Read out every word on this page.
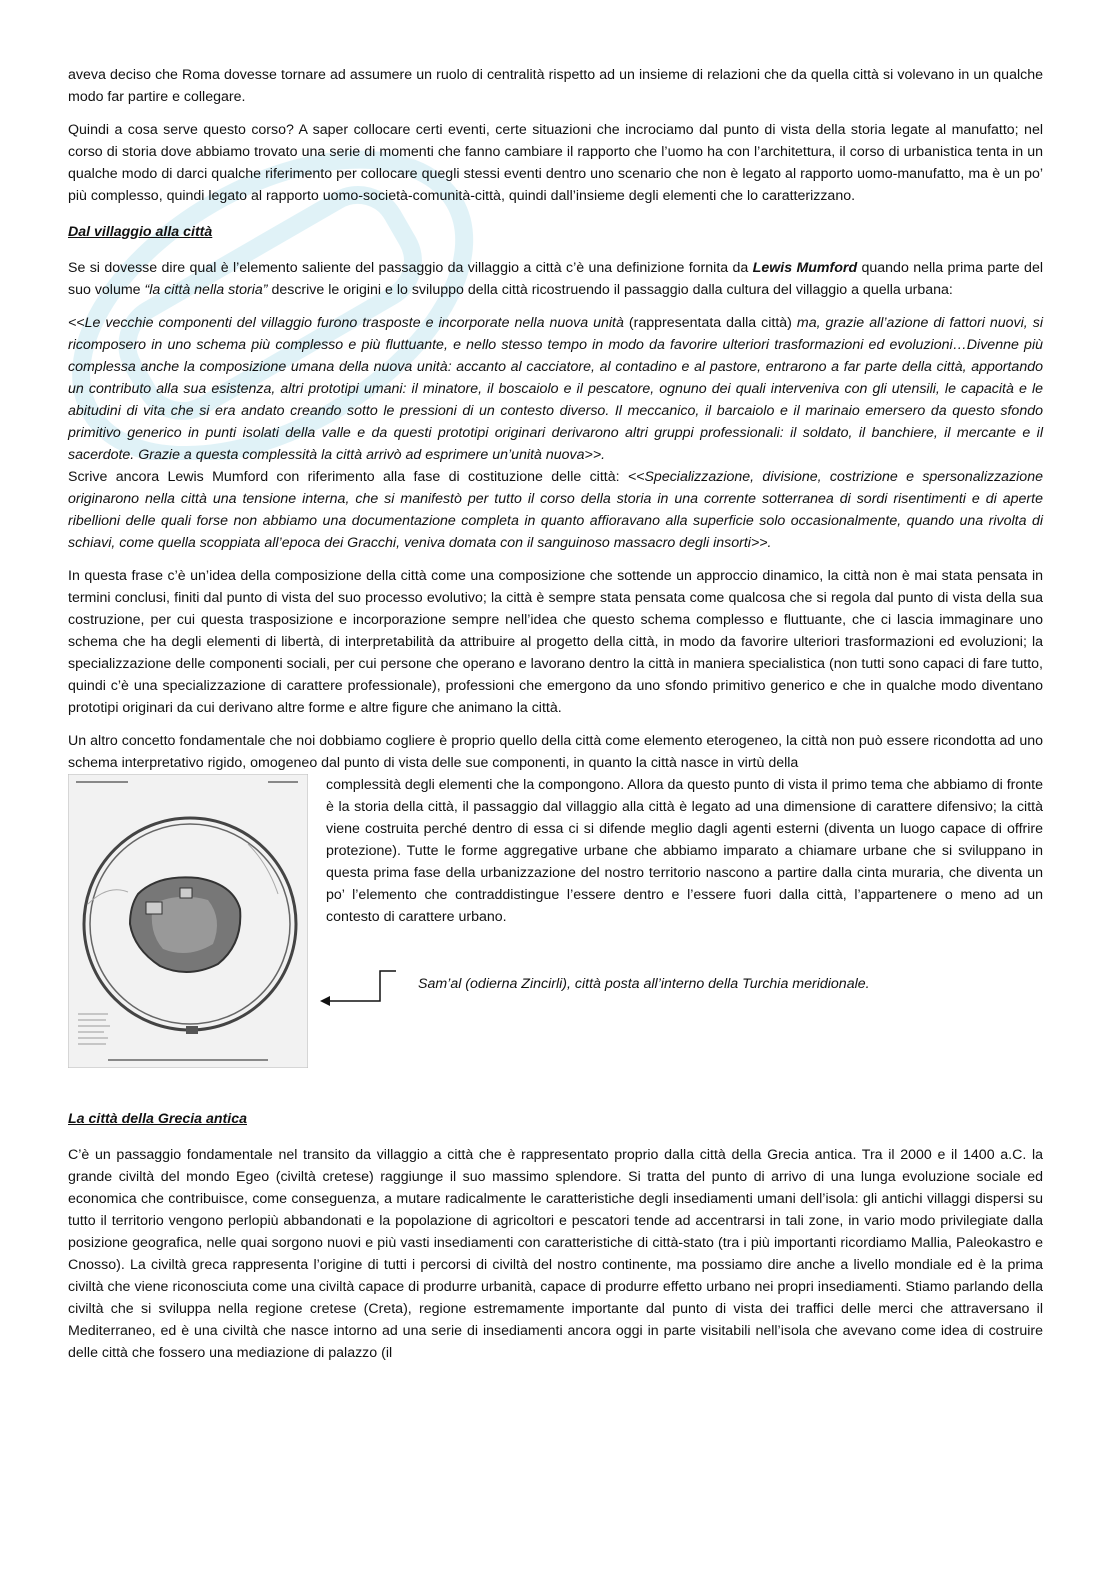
aveva deciso che Roma dovesse tornare ad assumere un ruolo di centralità rispetto ad un insieme di relazioni che da quella città si volevano in un qualche modo far partire e collegare.

Quindi a cosa serve questo corso? A saper collocare certi eventi, certe situazioni che incrociamo dal punto di vista della storia legate al manufatto; nel corso di storia dove abbiamo trovato una serie di momenti che fanno cambiare il rapporto che l’uomo ha con l’architettura, il corso di urbanistica tenta in un qualche modo di darci qualche riferimento per collocare quegli stessi eventi dentro uno scenario che non è legato al rapporto uomo-manufatto, ma è un po’ più complesso, quindi legato al rapporto uomo-società-comunità-città, quindi dall’insieme degli elementi che lo caratterizzano.

Dal villaggio alla città

Se si dovesse dire qual è l’elemento saliente del passaggio da villaggio a città c’è una definizione fornita da Lewis Mumford quando nella prima parte del suo volume “la città nella storia” descrive le origini e lo sviluppo della città ricostruendo il passaggio dalla cultura del villaggio a quella urbana:

<<Le vecchie componenti del villaggio furono trasposte e incorporate nella nuova unità (rappresentata dalla città) ma, grazie all’azione di fattori nuovi, si ricomposero in uno schema più complesso e più fluttuante, e nello stesso tempo in modo da favorire ulteriori trasformazioni ed evoluzioni…Divenne più complessa anche la composizione umana della nuova unità: accanto al cacciatore, al contadino e al pastore, entrarono a far parte della città, apportando un contributo alla sua esistenza, altri prototipi umani: il minatore, il boscaiolo e il pescatore, ognuno dei quali interveniva con gli utensili, le capacità e le abitudini di vita che si era andato creando sotto le pressioni di un contesto diverso. Il meccanico, il barcaiolo e il marinaio emersero da questo sfondo primitivo generico in punti isolati della valle e da questi prototipi originari derivarono altri gruppi professionali: il soldato, il banchiere, il mercante e il sacerdote. Grazie a questa complessità la città arrivò ad esprimere un’unità nuova>>.
Scrive ancora Lewis Mumford con riferimento alla fase di costituzione delle città: <<Specializzazione, divisione, costrizione e spersonalizzazione originarono nella città una tensione interna, che si manifestò per tutto il corso della storia in una corrente sotterranea di sordi risentimenti e di aperte ribellioni delle quali forse non abbiamo una documentazione completa in quanto affioravano alla superficie solo occasionalmente, quando una rivolta di schiavi, come quella scoppiata all’epoca dei Gracchi, veniva domata con il sanguinoso massacro degli insorti>>.

In questa frase c’è un’idea della composizione della città come una composizione che sottende un approccio dinamico, la città non è mai stata pensata in termini conclusi, finiti dal punto di vista del suo processo evolutivo; la città è sempre stata pensata come qualcosa che si regola dal punto di vista della sua costruzione, per cui questa trasposizione e incorporazione sempre nell’idea che questo schema complesso e fluttuante, che ci lascia immaginare uno schema che ha degli elementi di libertà, di interpretabilità da attribuire al progetto della città, in modo da favorire ulteriori trasformazioni ed evoluzioni; la specializzazione delle componenti sociali, per cui persone che operano e lavorano dentro la città in maniera specialistica (non tutti sono capaci di fare tutto, quindi c’è una specializzazione di carattere professionale), professioni che emergono da uno sfondo primitivo generico e che in qualche modo diventano prototipi originari da cui derivano altre forme e altre figure che animano la città.

Un altro concetto fondamentale che noi dobbiamo cogliere è proprio quello della città come elemento eterogeneo, la città non può essere ricondotta ad uno schema interpretativo rigido, omogeneo dal punto di vista delle sue componenti, in quanto la città nasce in virtù della

complessità degli elementi che la compongono. Allora da questo punto di vista il primo tema che abbiamo di fronte è la storia della città, il passaggio dal villaggio alla città è legato ad una dimensione di carattere difensivo; la città viene costruita perché dentro di essa ci si difende meglio dagli agenti esterni (diventa un luogo capace di offrire protezione). Tutte le forme aggregative urbane che abbiamo imparato a chiamare urbane che si sviluppano in questa prima fase della urbanizzazione del nostro territorio nascono a partire dalla cinta muraria, che diventa un po’ l’elemento che contraddistingue l’essere dentro e l’essere fuori dalla città, l’appartenere o meno ad un contesto di carattere urbano.

Sam’al (odierna Zincirli), città posta all’interno della Turchia meridionale.

La città della Grecia antica

C’è un passaggio fondamentale nel transito da villaggio a città che è rappresentato proprio dalla città della Grecia antica. Tra il 2000 e il 1400 a.C. la grande civiltà del mondo Egeo (civiltà cretese) raggiunge il suo massimo splendore. Si tratta del punto di arrivo di una lunga evoluzione sociale ed economica che contribuisce, come conseguenza, a mutare radicalmente le caratteristiche degli insediamenti umani dell’isola: gli antichi villaggi dispersi su tutto il territorio vengono perlopiù abbandonati e la popolazione di agricoltori e pescatori tende ad accentrarsi in tali zone, in vario modo privilegiate dalla posizione geografica, nelle quai sorgono nuovi e più vasti insediamenti con caratteristiche di città-stato (tra i più importanti ricordiamo Mallia, Paleokastro e Cnosso). La civiltà greca rappresenta l’origine di tutti i percorsi di civiltà del nostro continente, ma possiamo dire anche a livello mondiale ed è la prima civiltà che viene riconosciuta come una civiltà capace di produrre urbanità, capace di produrre effetto urbano nei propri insediamenti. Stiamo parlando della civiltà che si sviluppa nella regione cretese (Creta), regione estremamente importante dal punto di vista dei traffici delle merci che attraversano il Mediterraneo, ed è una civiltà che nasce intorno ad una serie di insediamenti ancora oggi in parte visitabili nell’isola che avevano come idea di costruire delle città che fossero una mediazione di palazzo (il
